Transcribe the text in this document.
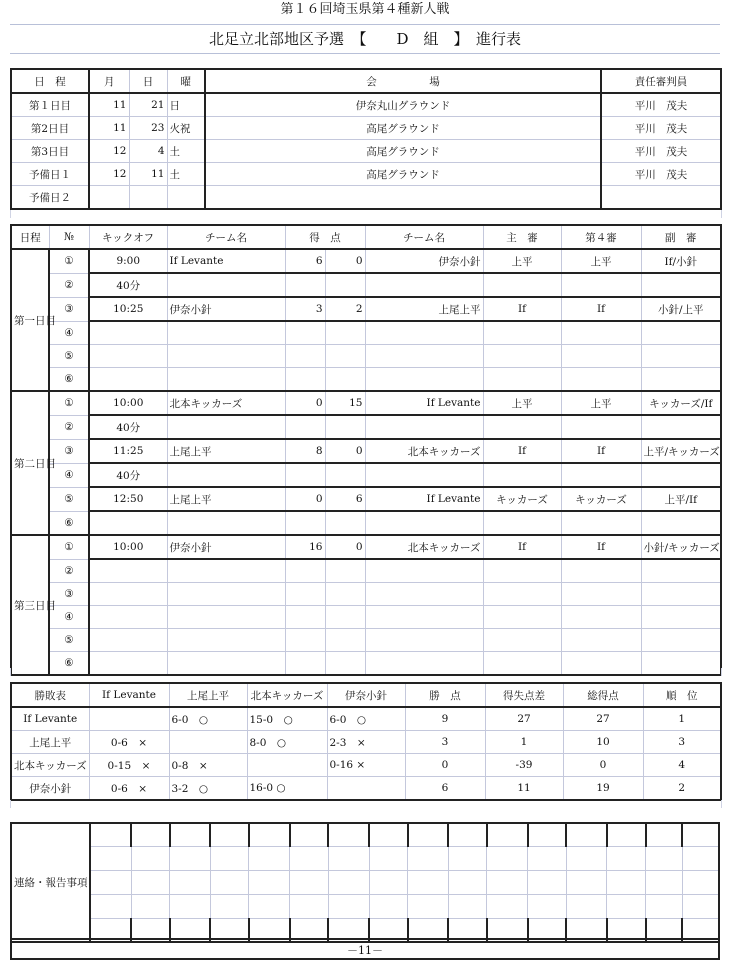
第１６回埼玉県第４種新人戦
北足立北部地区予選　【　　D　組　】　進行表
日　程	月	日	曜	会　　　　　場	責任審判員
第１日目	11	21	日	伊奈丸山グラウンド	平川　茂夫
第2日目	11	23	火祝	高尾グラウンド	平川　茂夫
第3日目	12	4	土	高尾グラウンド	平川　茂夫
予備日１	12	11	土	高尾グラウンド	平川　茂夫
予備日２					
日程	№	キックオフ	チーム名	得　点		チーム名	主　審	第４審	副　審
第一日目	①	9:00	If Levante	6	0	伊奈小針	上平	上平	If/小針
	②	40分							
	③	10:25	伊奈小針	3	2	上尾上平	If	If	小針/上平
	④								
	⑤								
	⑥								
第二日目	①	10:00	北本キッカーズ	0	15	If Levante	上平	上平	キッカーズ/If
	②	40分							
	③	11:25	上尾上平	8	0	北本キッカーズ	If	If	上平/キッカーズ
	④	40分							
	⑤	12:50	上尾上平	0	6	If Levante	キッカーズ	キッカーズ	上平/If
	⑥								
第三日目	①	10:00	伊奈小針	16	0	北本キッカーズ	If	If	小針/キッカーズ
	②								
	③								
	④								
	⑤								
	⑥								
勝敗表	If Levante	上尾上平	北本キッカーズ	伊奈小針	勝　点	得失点差	総得点	順　位
If Levante		6-0　○	15-0　○	6-0　○	9	27	27	1
上尾上平	0-6　×		8-0　○	2-3　×	3	1	10	3
北本キッカーズ	0-15　×	0-8　×		0-16 ×	0	-39	0	4
伊奈小針	0-6　×	3-2　○	16-0 ○		6	11	19	2
連絡・報告事項																

－11－
